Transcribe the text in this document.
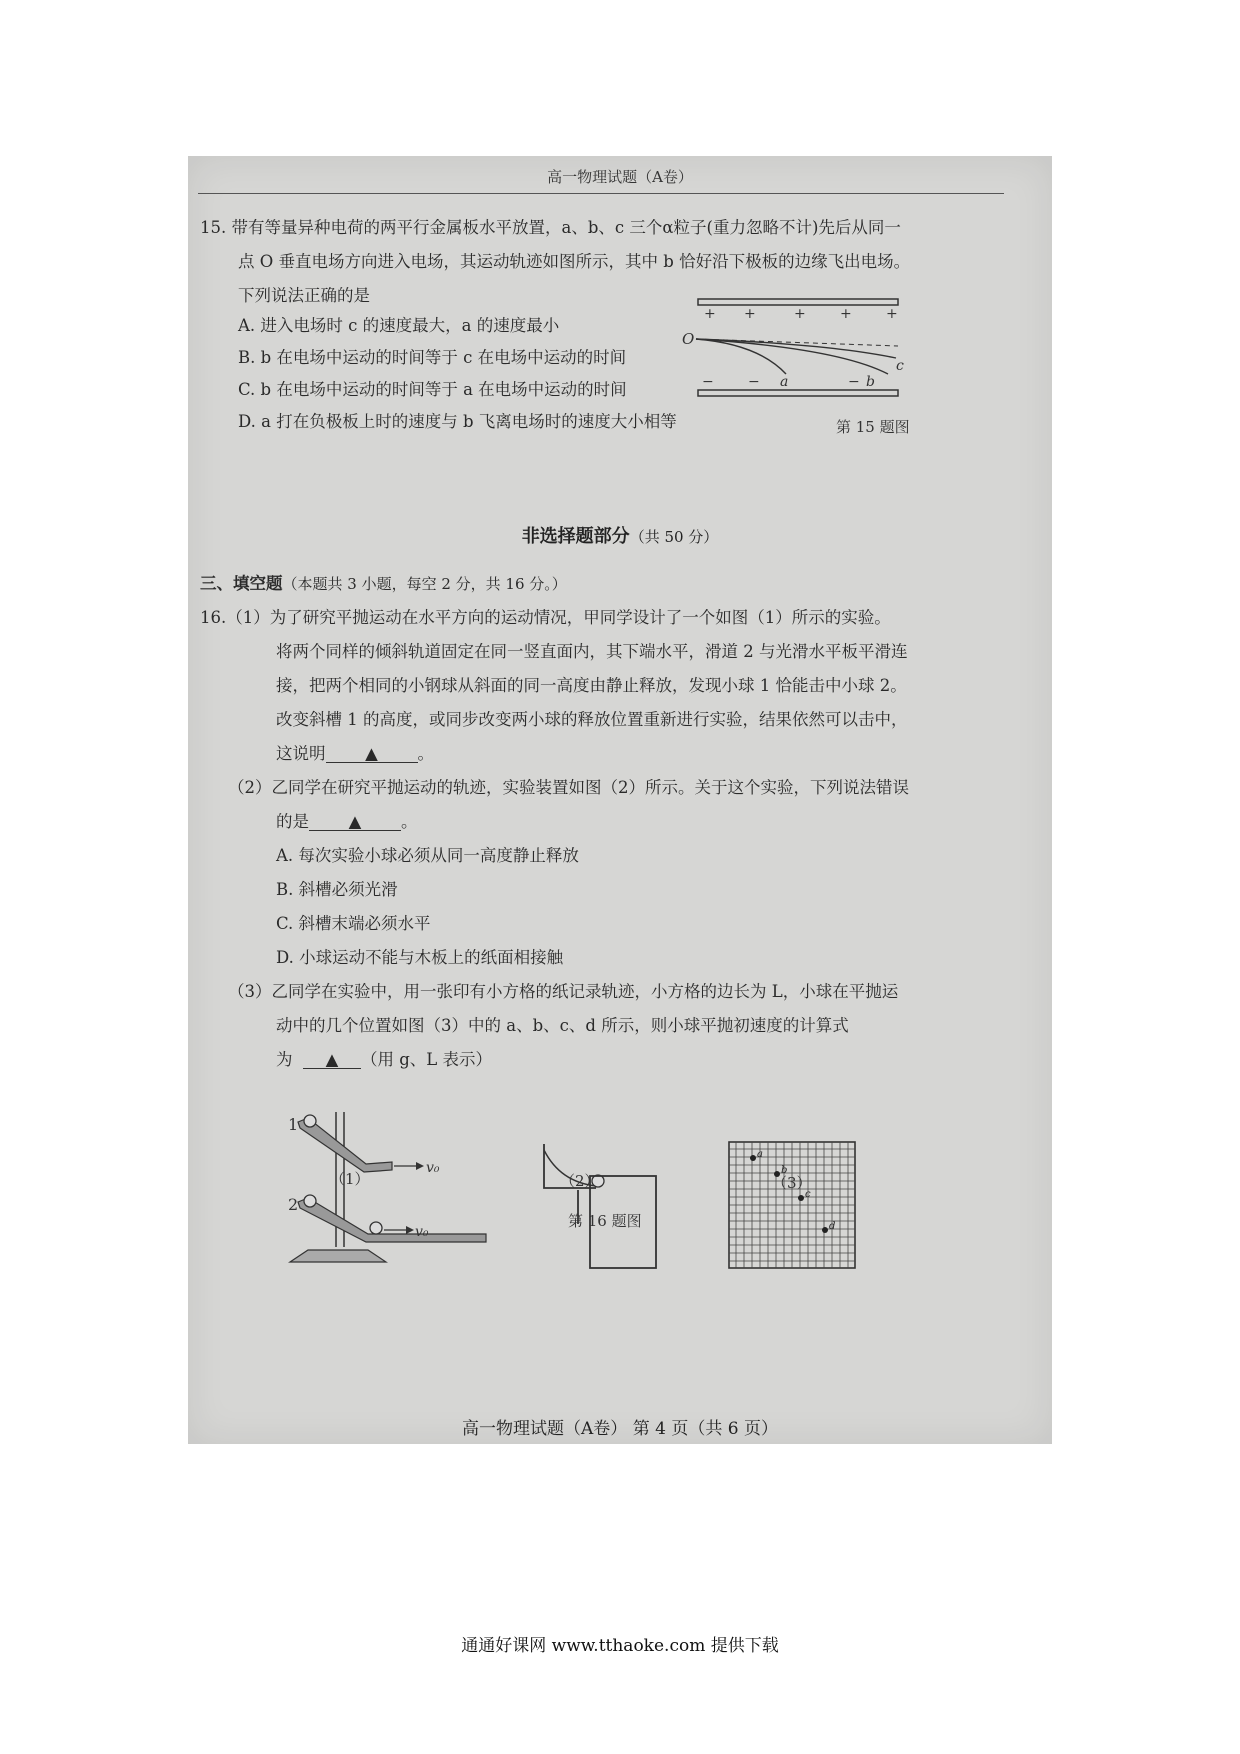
高一物理试题（A卷）
15. 带有等量异种电荷的两平行金属板水平放置，a、b、c 三个α粒子(重力忽略不计)先后从同一
点 O 垂直电场方向进入电场，其运动轨迹如图所示，其中 b 恰好沿下极板的边缘飞出电场。
下列说法正确的是
A. 进入电场时 c 的速度最大，a 的速度最小
B. b 在电场中运动的时间等于 c 在电场中运动的时间
C. b 在电场中运动的时间等于 a 在电场中运动的时间
D. a 打在负极板上时的速度与 b 飞离电场时的速度大小相等
+ +	+ + +
O
c
a	b
− −	−
第 15 题图
非选择题部分（共 50 分）
三、填空题（本题共 3 小题，每空 2 分，共 16 分。）
16.（1）为了研究平抛运动在水平方向的运动情况，甲同学设计了一个如图（1）所示的实验。
将两个同样的倾斜轨道固定在同一竖直面内，其下端水平，滑道 2 与光滑水平板平滑连
接，把两个相同的小钢球从斜面的同一高度由静止释放，发现小球 1 恰能击中小球 2。
改变斜槽 1 的高度，或同步改变两小球的释放位置重新进行实验，结果依然可以击中，
这说明 ▲ 。
（2）乙同学在研究平抛运动的轨迹，实验装置如图（2）所示。关于这个实验，下列说法错误
的是 ▲ 。
A. 每次实验小球必须从同一高度静止释放
B. 斜槽必须光滑
C. 斜槽末端必须水平
D. 小球运动不能与木板上的纸面相接触
（3）乙同学在实验中，用一张印有小方格的纸记录轨迹，小方格的边长为 L，小球在平抛运
动中的几个位置如图（3）中的 a、b、c、d 所示，则小球平抛初速度的计算式
为 ▲ （用 g、L 表示）
v₀
1
v₀
2
a
b
c
d
（1）	（2）	（3）
第 16 题图
高一物理试题（A卷） 第 4 页（共 6 页）
通通好课网 www.tthaoke.com 提供下载
